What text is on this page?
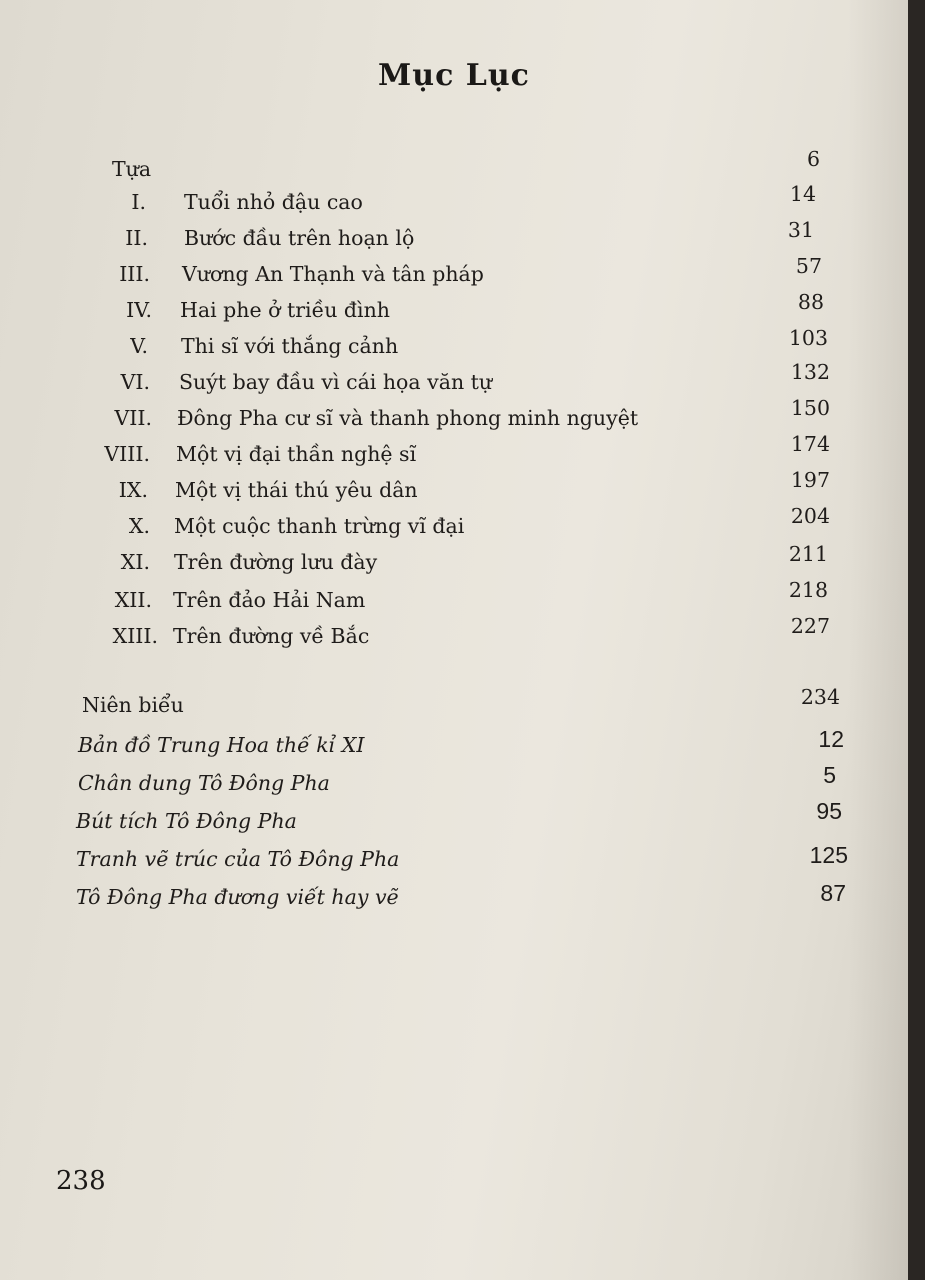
Mục Lục
Tựa	6
I. Tuổi nhỏ đậu cao	14
II. Bước đầu trên hoạn lộ	31
III. Vương An Thạnh và tân pháp	57
IV. Hai phe ở triều đình	88
V. Thi sĩ với thắng cảnh	103
VI. Suýt bay đầu vì cái họa văn tự	132
VII. Đông Pha cư sĩ và thanh phong minh nguyệt	150
VIII. Một vị đại thần nghệ sĩ	174
IX. Một vị thái thú yêu dân	197
X. Một cuộc thanh trừng vĩ đại	204
XI. Trên đường lưu đày	211
XII. Trên đảo Hải Nam	218
XIII. Trên đường về Bắc	227
Niên biểu	234
Bản đồ Trung Hoa thế kỉ XI	12
Chân dung Tô Đông Pha	5
Bút tích Tô Đông Pha	95
Tranh vẽ trúc của Tô Đông Pha	125
Tô Đông Pha đương viết hay vẽ	87
238
